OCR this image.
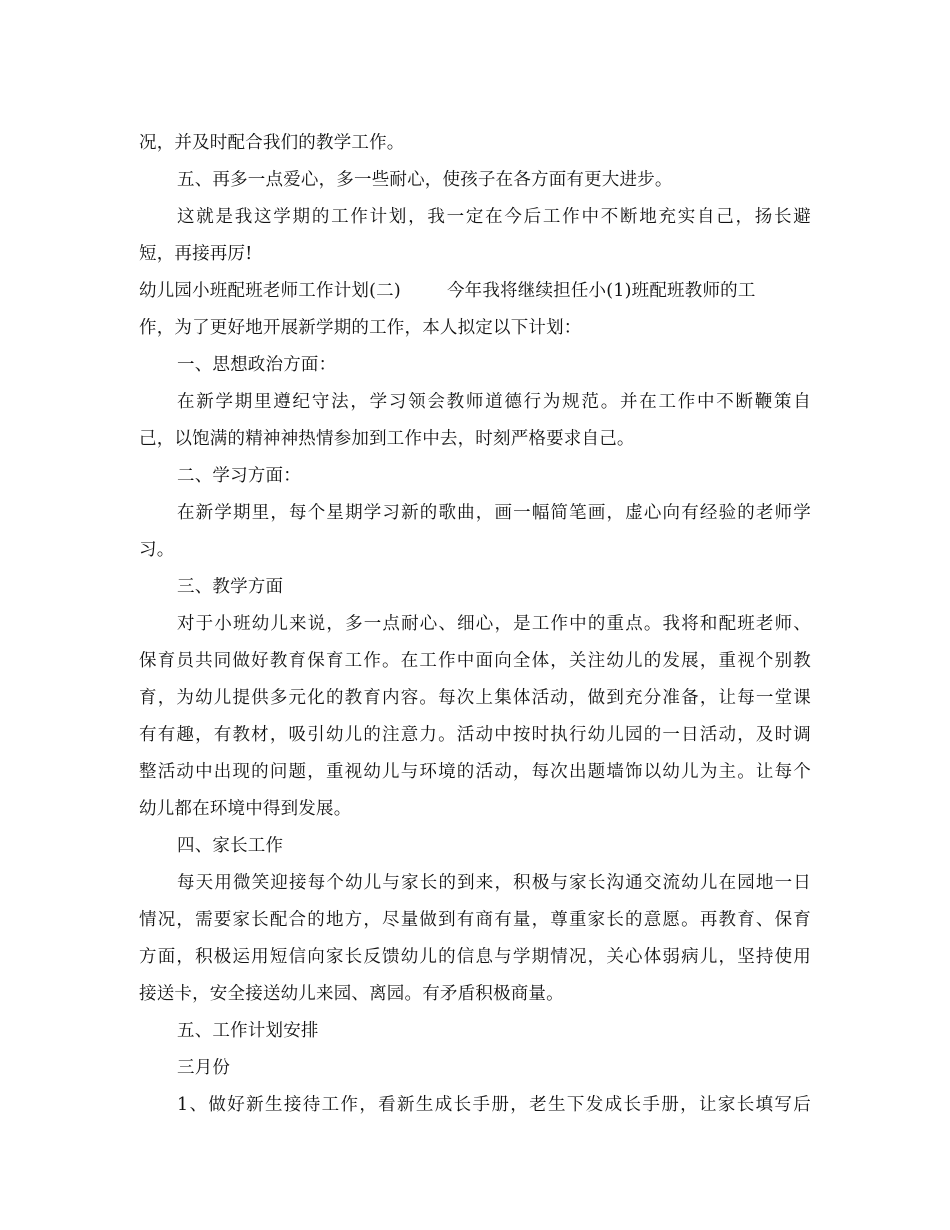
况，并及时配合我们的教学工作。
五、再多一点爱心，多一些耐心，使孩子在各方面有更大进步。
这就是我这学期的工作计划，我一定在今后工作中不断地充实自己，扬长避
短，再接再厉!
幼儿园小班配班老师工作计划(二)        今年我将继续担任小(1)班配班教师的工
作，为了更好地开展新学期的工作，本人拟定以下计划：
一、思想政治方面：
在新学期里遵纪守法，学习领会教师道德行为规范。并在工作中不断鞭策自
己，以饱满的精神神热情参加到工作中去，时刻严格要求自己。
二、学习方面：
在新学期里，每个星期学习新的歌曲，画一幅简笔画，虚心向有经验的老师学
习。
三、教学方面
对于小班幼儿来说，多一点耐心、细心，是工作中的重点。我将和配班老师、
保育员共同做好教育保育工作。在工作中面向全体，关注幼儿的发展，重视个别教
育，为幼儿提供多元化的教育内容。每次上集体活动，做到充分准备，让每一堂课
有有趣，有教材，吸引幼儿的注意力。活动中按时执行幼儿园的一日活动，及时调
整活动中出现的问题，重视幼儿与环境的活动，每次出题墙饰以幼儿为主。让每个
幼儿都在环境中得到发展。
四、家长工作
每天用微笑迎接每个幼儿与家长的到来，积极与家长沟通交流幼儿在园地一日
情况，需要家长配合的地方，尽量做到有商有量，尊重家长的意愿。再教育、保育
方面，积极运用短信向家长反馈幼儿的信息与学期情况，关心体弱病儿，坚持使用
接送卡，安全接送幼儿来园、离园。有矛盾积极商量。
五、工作计划安排
三月份
1、做好新生接待工作，看新生成长手册，老生下发成长手册，让家长填写后
